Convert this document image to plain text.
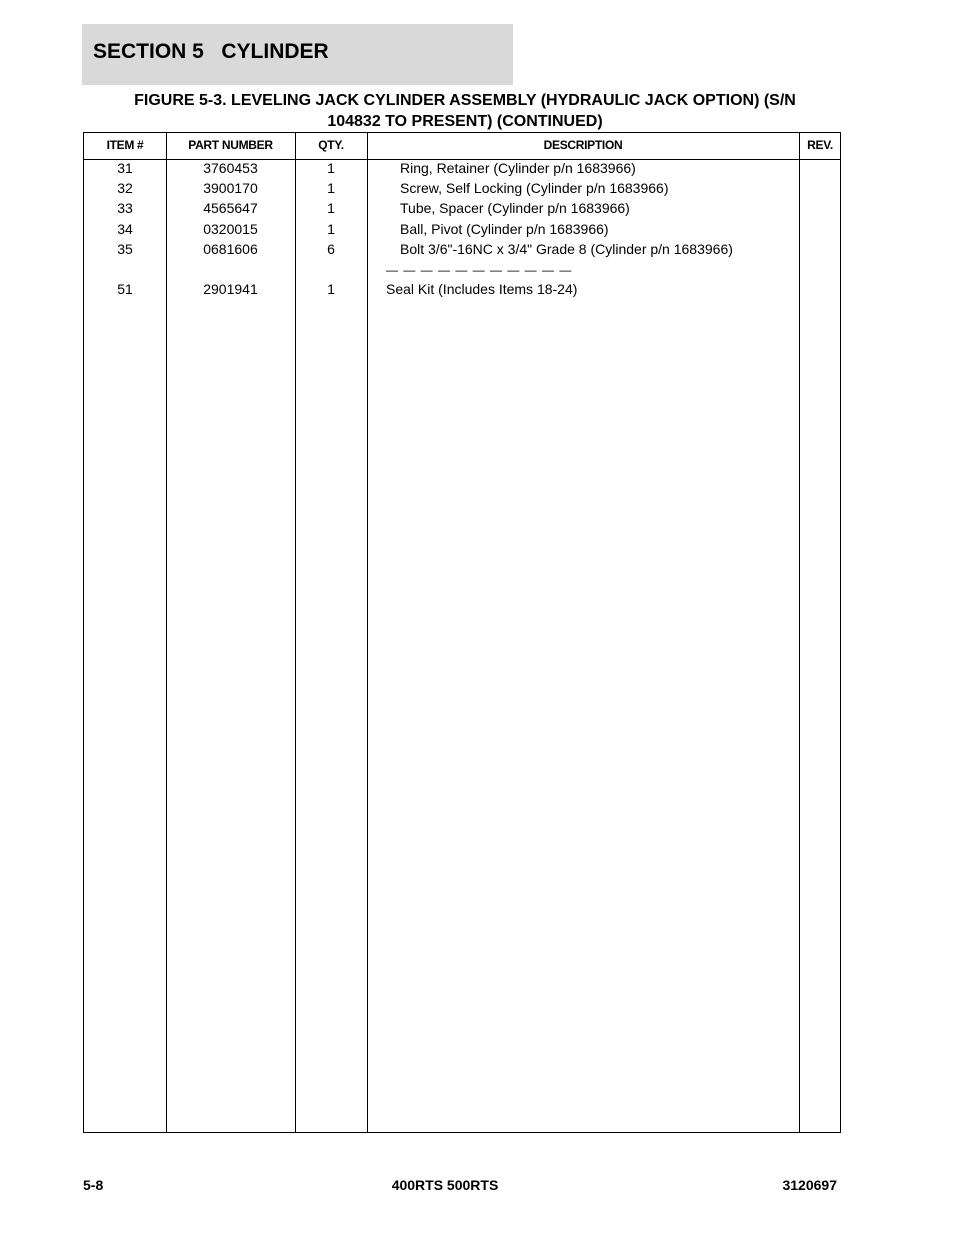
SECTION 5   CYLINDER
FIGURE 5-3. LEVELING JACK CYLINDER ASSEMBLY (HYDRAULIC JACK OPTION) (S/N
104832 TO PRESENT) (CONTINUED)
ITEM #	PART NUMBER	QTY.	DESCRIPTION	REV.
31	3760453	1	Ring, Retainer (Cylinder p/n 1683966)
32	3900170	1	Screw, Self Locking (Cylinder p/n 1683966)
33	4565647	1	Tube, Spacer (Cylinder p/n 1683966)
34	0320015	1	Ball, Pivot (Cylinder p/n 1683966)
35	0681606	6	Bolt 3/6"-16NC x 3/4" Grade 8 (Cylinder p/n 1683966)
— — — — — — — — — — —
51	2901941	1	Seal Kit (Includes Items 18-24)
5-8	400RTS 500RTS	3120697
